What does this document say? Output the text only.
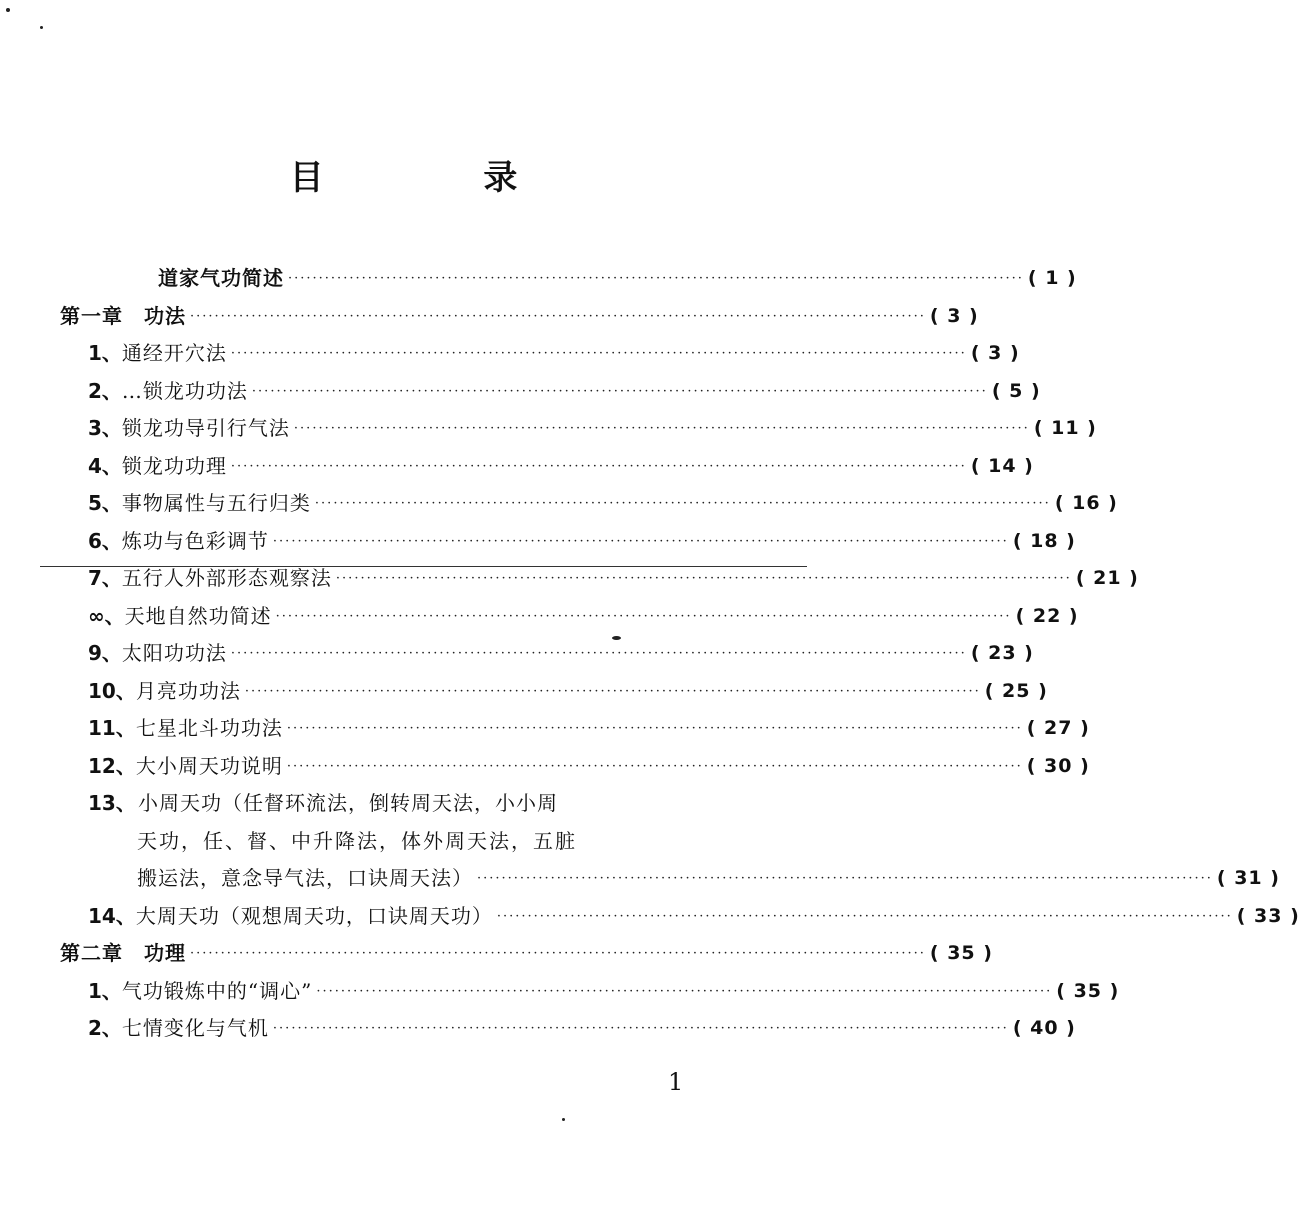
目 录
道家气功简述 ························································································································ ( 1 )
第一章　功法 ························································································································ ( 3 )
1、 通经开穴法 ························································································································ ( 3 )
2、 …锁龙功功法 ························································································································ ( 5 )
3、 锁龙功导引行气法 ························································································································ ( 11 )
4、 锁龙功功理 ························································································································ ( 14 )
5、 事物属性与五行归类 ························································································································ ( 16 )
6、 炼功与色彩调节 ························································································································ ( 18 )
7、 五行人外部形态观察法 ························································································································ ( 21 )
∞、 天地自然功简述 ························································································································ ( 22 )
9、 太阳功功法 ························································································································ ( 23 )
10、 月亮功功法 ························································································································ ( 25 )
11、 七星北斗功功法 ························································································································ ( 27 )
12、 大小周天功说明 ························································································································ ( 30 )
13、 小周天功（任督环流法，倒转周天法，小小周
天功，任、督、中升降法，体外周天法，五脏
搬运法，意念导气法，口诀周天法） ························································································································ ( 31 )
14、 大周天功（观想周天功，口诀周天功） ························································································································ ( 33 )
第二章　功理 ························································································································ ( 35 )
1、 气功锻炼中的“调心” ························································································································ ( 35 )
2、 七情变化与气机 ························································································································ ( 40 )
1
